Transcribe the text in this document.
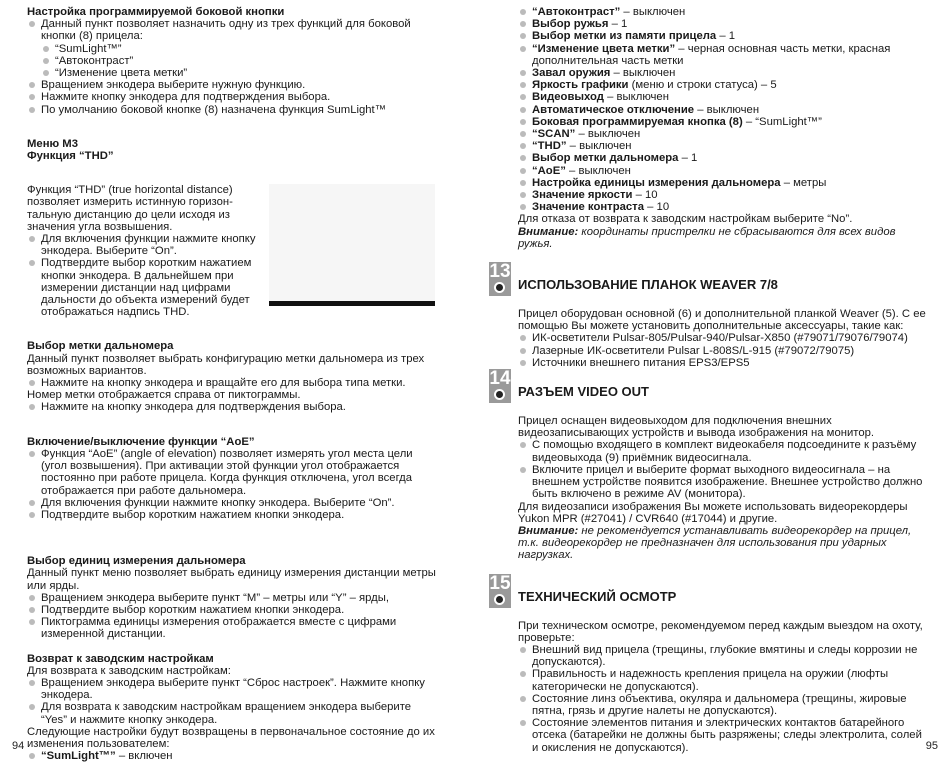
Настройка программируемой боковой кнопки

Данный пункт позволяет назначить одну из трех функций для боковой кнопки (8) прицела:

“SumLight™”

“Автоконтраст”

“Изменение цвета метки”

Вращением энкодера выберите нужную функцию.

Нажмите кнопку энкодера для подтверждения выбора.

По умолчанию боковой кнопке (8) назначена функция SumLight™

Меню М3

Функция “THD”

Функция “THD” (true horizontal distance)

позволяет измерить истинную горизон-

тальную дистанцию до цели исходя из

значения угла возвышения.

Для включения функции нажмите кнопку энкодера. Выберите “On”.

Подтвердите выбор коротким нажатием кнопки энкодера. В дальнейшем при измерении дистанции над цифрами дальности до объекта измерений будет отображаться надпись THD.

Выбор метки дальномера

Данный пункт позволяет выбрать конфигурацию метки дальномера из трех возможных вариантов.

Нажмите на кнопку энкодера и вращайте его для выбора типа метки.

Номер метки отображается справа от пиктограммы.

Нажмите на кнопку энкодера для подтверждения выбора.

Включение/выключение функции “AoE”

Функция “AoE” (angle of elevation) позволяет измерять угол места цели (угол возвышения). При активации этой функции угол отображается постоянно при работе прицела. Когда функция отключена, угол всегда отображается при работе дальномера.

Для включения функции нажмите кнопку энкодера. Выберите “On”.

Подтвердите выбор коротким нажатием кнопки энкодера.

Выбор единиц измерения дальномера

Данный пункт меню позволяет выбрать единицу измерения дистанции метры или ярды.

Вращением энкодера выберите пункт “M” – метры или “Y” – ярды,

Подтвердите выбор коротким нажатием кнопки энкодера.

Пиктограмма единицы измерения отображается вместе с цифрами измеренной дистанции.

Возврат к заводским настройкам

Для возврата к заводским настройкам:

Вращением энкодера выберите пункт “Сброс настроек”. Нажмите кнопку энкодера.

Для возврата к заводским настройкам вращением энкодера выберите “Yes” и нажмите кнопку энкодера.

Следующие настройки будут возвращены в первоначальное состояние до их изменения пользователем:

“SumLight™” – включен

94

“Автоконтраст” – выключен

Выбор ружья – 1

Выбор метки из памяти прицела – 1

“Изменение цвета метки” – черная основная часть метки, красная дополнительная часть метки

Завал оружия – выключен

Яркость графики (меню и строки статуса) – 5

Видеовыход – выключен

Автоматическое отключение – выключен

Боковая программируемая кнопка (8) – “SumLight™”

“SCAN” – выключен

“THD” – выключен

Выбор метки дальномера – 1

“AoE” – выключен

Настройка единицы измерения дальномера – метры

Значение яркости – 10

Значение контраста – 10

Для отказа от возврата к заводским настройкам выберите “No”.

Внимание: координаты пристрелки не сбрасываются для всех видов ружья.

13
ИСПОЛЬЗОВАНИЕ ПЛАНОК WEAVER 7/8

Прицел оборудован основной (6) и дополнительной планкой Weaver (5). С ее помощью Вы можете установить дополнительные аксессуары, такие как:

ИК-осветители Pulsar-805/Pulsar-940/Pulsar-X850 (#79071/79076/79074)

Лазерные ИК-осветители Pulsar L-808S/L-915 (#79072/79075)

Источники внешнего питания EPS3/EPS5

14
РАЗЪЕМ VIDEO OUT

Прицел оснащен видеовыходом для подключения внешних видеозаписывающих устройств и вывода изображения на монитор.

С помощью входящего в комплект видеокабеля подсоедините к разъёму видеовыхода (9) приёмник видеосигнала.

Включите прицел и выберите формат выходного видеосигнала – на внешнем устройстве появится изображение. Внешнее устройство должно быть включено в режиме AV (монитора).

Для видеозаписи изображения Вы можете использовать видеорекордеры Yukon MPR (#27041) / CVR640 (#17044) и другие.

Внимание: не рекомендуется устанавливать видеорекордер на прицел, т.к. видеорекордер не предназначен для использования при ударных нагрузках.

15
ТЕХНИЧЕСКИЙ ОСМОТР

При техническом осмотре, рекомендуемом перед каждым выездом на охоту, проверьте:

Внешний вид прицела (трещины, глубокие вмятины и следы коррозии не допускаются).

Правильность и надежность крепления прицела на оружии (люфты категорически не допускаются).

Состояние линз объектива, окуляра и дальномера (трещины, жировые пятна, грязь и другие налеты не допускаются).

Состояние элементов питания и электрических контактов батарейного отсека (батарейки не должны быть разряжены; следы электролита, солей и окисления не допускаются).	95
